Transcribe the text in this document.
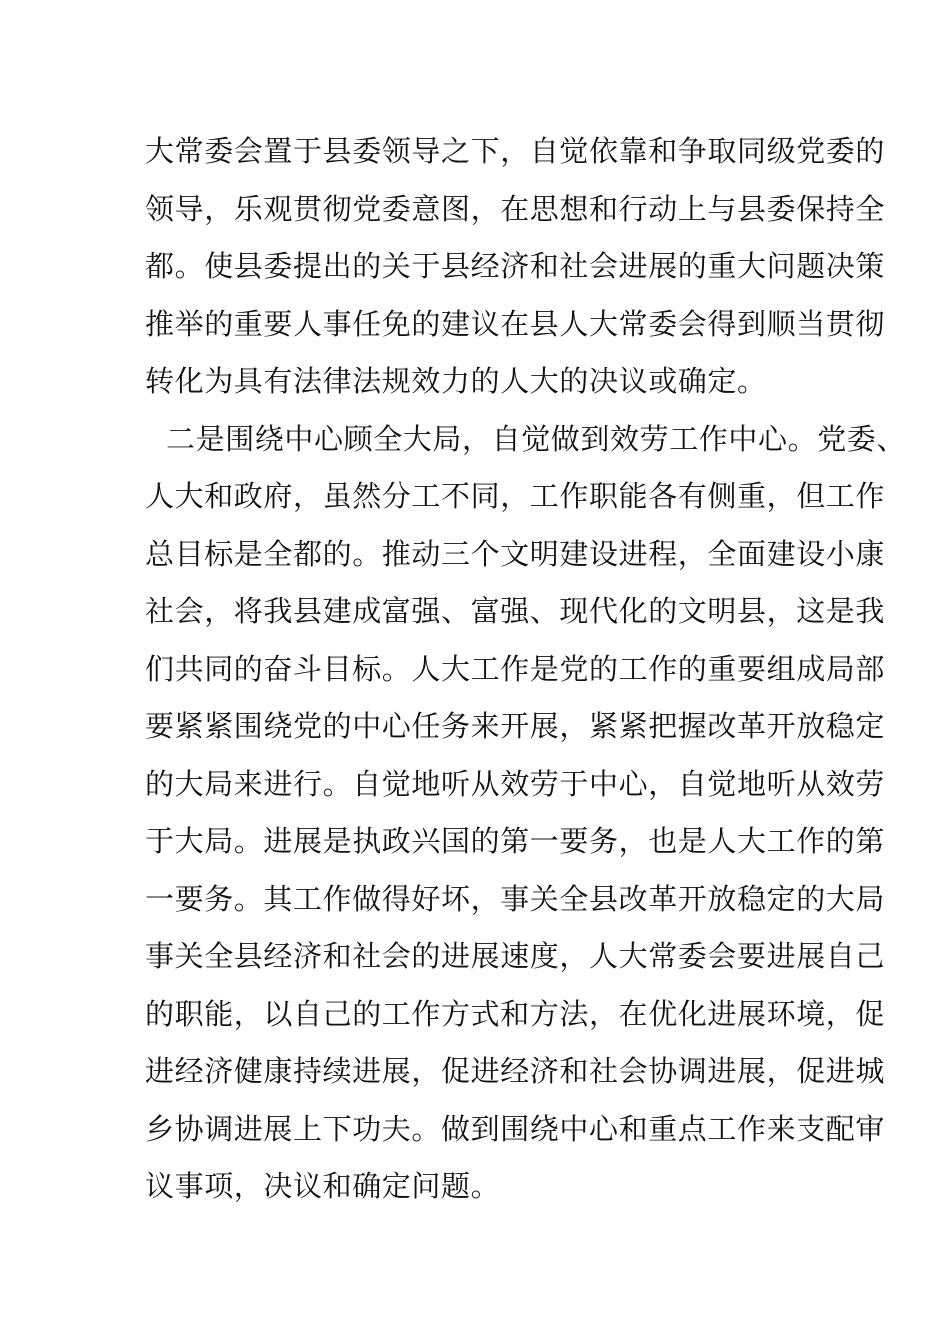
大常委会置于县委领导之下，自觉依靠和争取同级党委的
领导，乐观贯彻党委意图，在思想和行动上与县委保持全
都。使县委提出的关于县经济和社会进展的重大问题决策
推举的重要人事任免的建议在县人大常委会得到顺当贯彻
转化为具有法律法规效力的人大的决议或确定。
二是围绕中心顾全大局，自觉做到效劳工作中心。党委、
人大和政府，虽然分工不同，工作职能各有侧重，但工作
总目标是全都的。推动三个文明建设进程，全面建设小康
社会，将我县建成富强、富强、现代化的文明县，这是我
们共同的奋斗目标。人大工作是党的工作的重要组成局部
要紧紧围绕党的中心任务来开展，紧紧把握改革开放稳定
的大局来进行。自觉地听从效劳于中心，自觉地听从效劳
于大局。进展是执政兴国的第一要务，也是人大工作的第
一要务。其工作做得好坏，事关全县改革开放稳定的大局
事关全县经济和社会的进展速度，人大常委会要进展自己
的职能，以自己的工作方式和方法，在优化进展环境，促
进经济健康持续进展，促进经济和社会协调进展，促进城
乡协调进展上下功夫。做到围绕中心和重点工作来支配审
议事项，决议和确定问题。
